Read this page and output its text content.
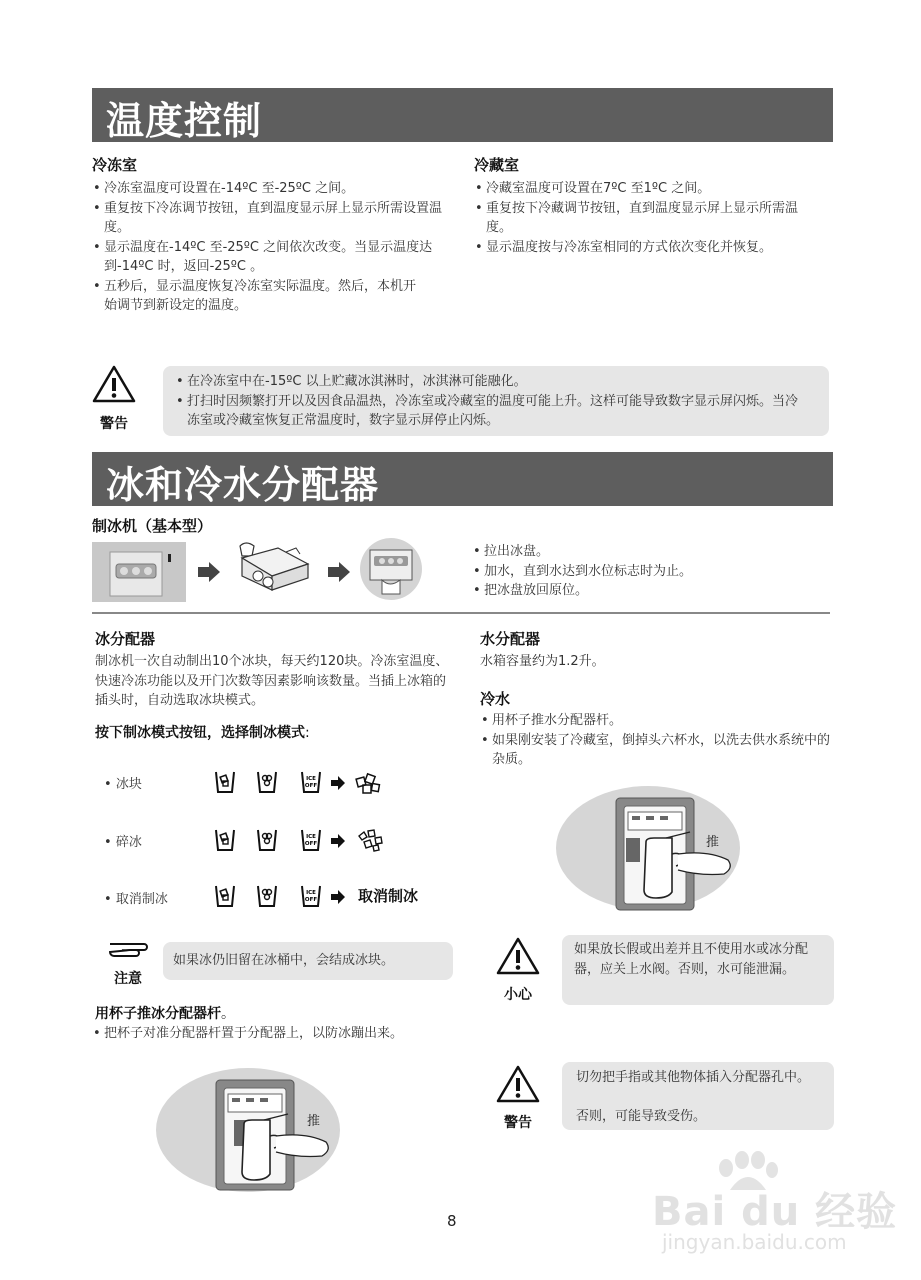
温度控制
冷冻室
• 冷冻室温度可设置在-14ºC 至-25ºC 之间。
• 重复按下冷冻调节按钮，直到温度显示屏上显示所需设置温度。
• 显示温度在-14ºC 至-25ºC 之间依次改变。当显示温度达到-14ºC 时，返回-25ºC 。
• 五秒后，显示温度恢复冷冻室实际温度。然后，本机开始调节到新设定的温度。
冷藏室
• 冷藏室温度可设置在7ºC 至1ºC 之间。
• 重复按下冷藏调节按钮，直到温度显示屏上显示所需温度。
• 显示温度按与冷冻室相同的方式依次变化并恢复。
警告
• 在冷冻室中在-15ºC 以上贮藏冰淇淋时，冰淇淋可能融化。
• 打扫时因频繁打开以及因食品温热，冷冻室或冷藏室的温度可能上升。这样可能导致数字显示屏闪烁。当冷冻室或冷藏室恢复正常温度时，数字显示屏停止闪烁。
冰和冷水分配器
制冰机（基本型）
• 拉出冰盘。
• 加水，直到水达到水位标志时为止。
• 把冰盘放回原位。
冰分配器
制冰机一次自动制出10个冰块，每天约120块。冷冻室温度、快速冷冻功能以及开门次数等因素影响该数量。当插上冰箱的插头时，自动选取冰块模式。
按下制冰模式按钮，选择制冰模式:
• 冰块
• 碎冰
• 取消制冰
ICE
OFF
ICE
OFF
ICE
OFF	取消制冰
注意
如果冰仍旧留在冰桶中，会结成冰块。
用杯子推冰分配器杆。
• 把杯子对准分配器杆置于分配器上，以防冰蹦出来。
推
水分配器
水箱容量约为1.2升。
冷水
• 用杯子推水分配器杆。
• 如果刚安装了冷藏室，倒掉头六杯水，以洗去供水系统中的杂质。
推
小心
如果放长假或出差并且不使用水或冰分配器，应关上水阀。否则，水可能泄漏。
警告
切勿把手指或其他物体插入分配器孔中。
否则，可能导致受伤。
8	Bai du 经验
jingyan.baidu.com
